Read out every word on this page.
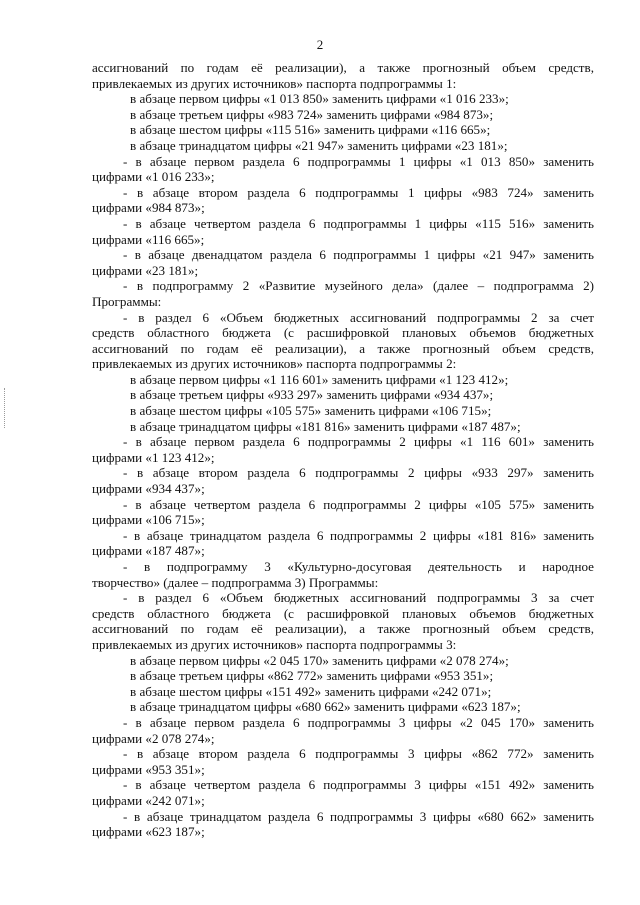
2
ассигнований по годам её реализации), а также прогнозный объем средств,
привлекаемых из других источников» паспорта подпрограммы 1:
в абзаце первом цифры «1 013 850» заменить цифрами «1 016 233»;
в абзаце третьем цифры «983 724» заменить цифрами «984 873»;
в абзаце шестом цифры «115 516» заменить цифрами «116 665»;
в абзаце тринадцатом цифры «21 947» заменить цифрами «23 181»;
- в абзаце первом раздела 6 подпрограммы 1 цифры «1 013 850» заменить
цифрами «1 016 233»;
- в абзаце втором раздела 6 подпрограммы 1 цифры «983 724» заменить
цифрами «984 873»;
- в абзаце четвертом раздела 6 подпрограммы 1 цифры «115 516» заменить
цифрами «116 665»;
- в абзаце двенадцатом раздела 6 подпрограммы 1 цифры «21 947» заменить
цифрами «23 181»;
- в подпрограмму 2 «Развитие музейного дела» (далее – подпрограмма 2)
Программы:
- в раздел 6 «Объем бюджетных ассигнований подпрограммы 2 за счет
средств областного бюджета (с расшифровкой плановых объемов бюджетных
ассигнований по годам её реализации), а также прогнозный объем средств,
привлекаемых из других источников» паспорта подпрограммы 2:
в абзаце первом цифры «1 116 601» заменить цифрами «1 123 412»;
в абзаце третьем цифры «933 297» заменить цифрами «934 437»;
в абзаце шестом цифры «105 575» заменить цифрами «106 715»;
в абзаце тринадцатом цифры «181 816» заменить цифрами «187 487»;
- в абзаце первом раздела 6 подпрограммы 2 цифры «1 116 601» заменить
цифрами «1 123 412»;
- в абзаце втором раздела 6 подпрограммы 2 цифры «933 297» заменить
цифрами «934 437»;
- в абзаце четвертом раздела 6 подпрограммы 2 цифры «105 575» заменить
цифрами «106 715»;
- в абзаце тринадцатом раздела 6 подпрограммы 2 цифры «181 816» заменить
цифрами «187 487»;
- в подпрограмму 3 «Культурно-досуговая деятельность и народное
творчество» (далее – подпрограмма 3) Программы:
- в раздел 6 «Объем бюджетных ассигнований подпрограммы 3 за счет
средств областного бюджета (с расшифровкой плановых объемов бюджетных
ассигнований по годам её реализации), а также прогнозный объем средств,
привлекаемых из других источников» паспорта подпрограммы 3:
в абзаце первом цифры «2 045 170» заменить цифрами «2 078 274»;
в абзаце третьем цифры «862 772» заменить цифрами «953 351»;
в абзаце шестом цифры «151 492» заменить цифрами «242 071»;
в абзаце тринадцатом цифры «680 662» заменить цифрами «623 187»;
- в абзаце первом раздела 6 подпрограммы 3 цифры «2 045 170» заменить
цифрами «2 078 274»;
- в абзаце втором раздела 6 подпрограммы 3 цифры «862 772» заменить
цифрами «953 351»;
- в абзаце четвертом раздела 6 подпрограммы 3 цифры «151 492» заменить
цифрами «242 071»;
- в абзаце тринадцатом раздела 6 подпрограммы 3 цифры «680 662» заменить
цифрами «623 187»;
